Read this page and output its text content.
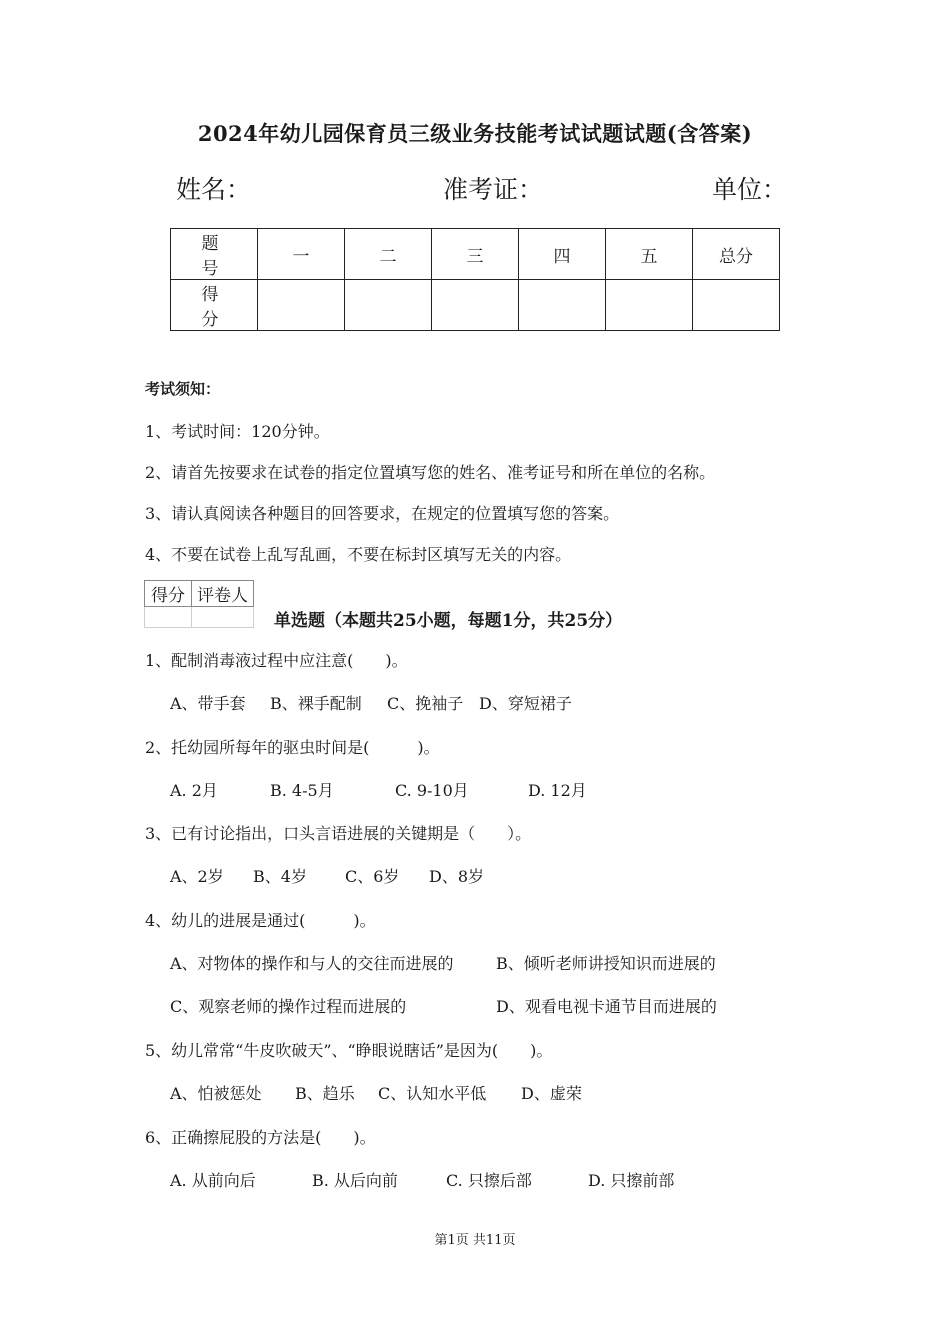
2024年幼儿园保育员三级业务技能考试试题试题(含答案)
姓名：	准考证：	单位：
题　号	一	二	三	四	五	总分
得　分						
考试须知：
1、考试时间：120分钟。
2、请首先按要求在试卷的指定位置填写您的姓名、准考证号和所在单位的名称。
3、请认真阅读各种题目的回答要求，在规定的位置填写您的答案。
4、不要在试卷上乱写乱画，不要在标封区填写无关的内容。
得分	评卷人

单选题（本题共25小题，每题1分，共25分）
1、配制消毒液过程中应注意(　　)。
A、带手套 B、裸手配制 C、挽袖子 D、穿短裙子
2、托幼园所每年的驱虫时间是(　　　)。
A. 2月	B. 4-5月	C. 9-10月	D. 12月
3、已有讨论指出，口头言语进展的关键期是（　　）。
A、2岁 B、4岁 C、6岁 D、8岁
4、幼儿的进展是通过(　　　)。
A、对物体的操作和与人的交往而进展的	B、倾听老师讲授知识而进展的
C、观察老师的操作过程而进展的	D、观看电视卡通节目而进展的
5、幼儿常常“牛皮吹破天”、“睁眼说瞎话”是因为(　　)。
A、怕被惩处 B、趋乐 C、认知水平低 D、虚荣
6、正确擦屁股的方法是(　　)。
A. 从前向后	B. 从后向前	C. 只擦后部	D. 只擦前部
第1页 共11页
